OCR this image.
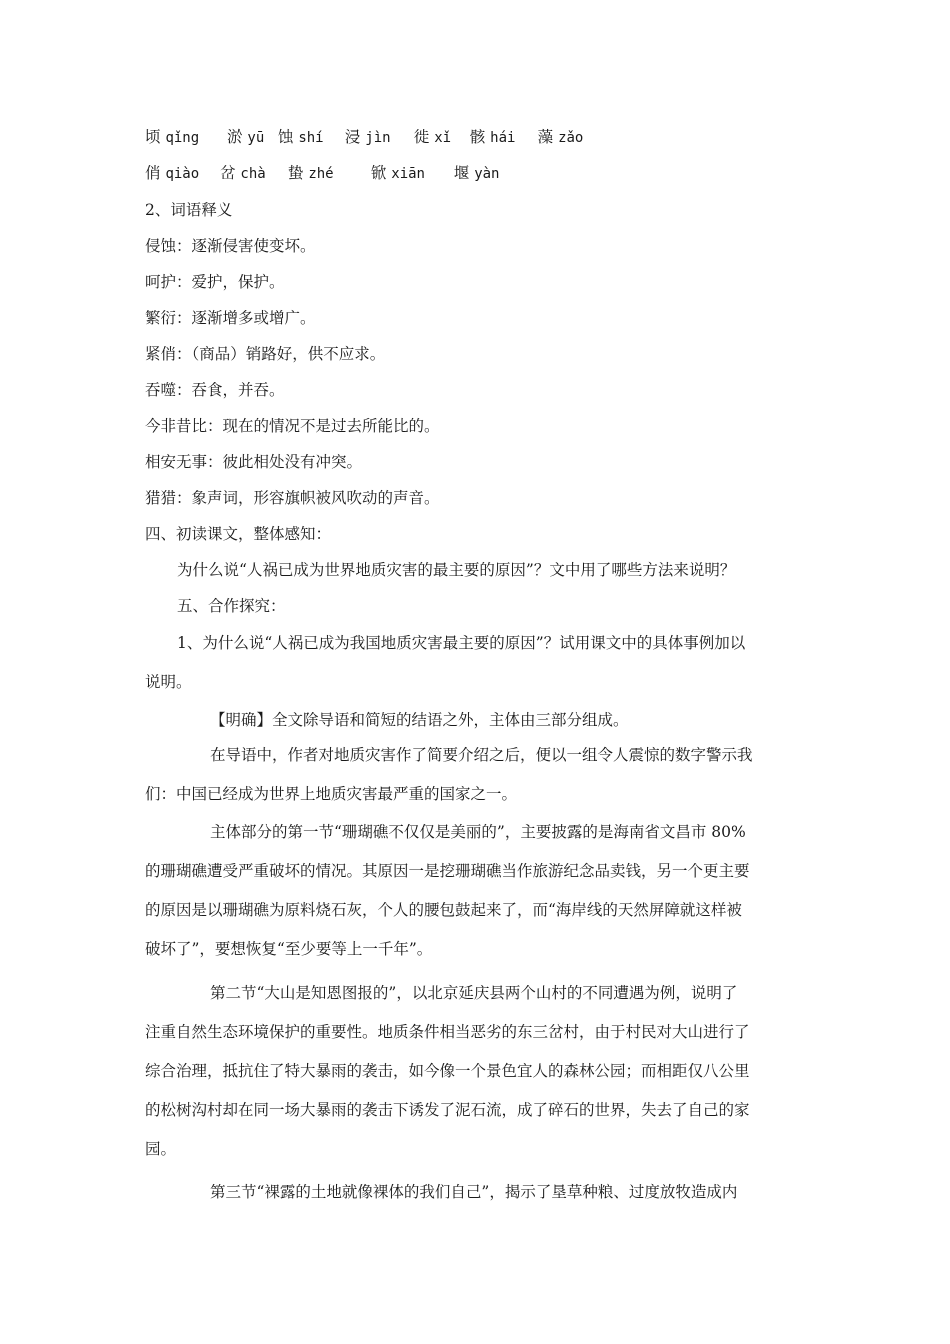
顷 qǐng 淤 yū 蚀 shí 浸 jìn 徙 xǐ 骸 hái 藻 zǎo
俏 qiào 岔 chà 蛰 zhé 锨 xiān 堰 yàn
2、词语释义
侵蚀：逐渐侵害使变坏。
呵护：爱护，保护。
繁衍：逐渐增多或增广。
紧俏：（商品）销路好，供不应求。
吞噬：吞食，并吞。
今非昔比：现在的情况不是过去所能比的。
相安无事：彼此相处没有冲突。
猎猎：象声词，形容旗帜被风吹动的声音。
四、初读课文，整体感知：
为什么说“人祸已成为世界地质灾害的最主要的原因”？文中用了哪些方法来说明？
五、合作探究：
1、为什么说“人祸已成为我国地质灾害最主要的原因”？试用课文中的具体事例加以
说明。
【明确】全文除导语和简短的结语之外，主体由三部分组成。
在导语中，作者对地质灾害作了简要介绍之后，便以一组令人震惊的数字警示我
们：中国已经成为世界上地质灾害最严重的国家之一。
主体部分的第一节“珊瑚礁不仅仅是美丽的”，主要披露的是海南省文昌市 80%
的珊瑚礁遭受严重破坏的情况。其原因一是挖珊瑚礁当作旅游纪念品卖钱，另一个更主要
的原因是以珊瑚礁为原料烧石灰，个人的腰包鼓起来了，而“海岸线的天然屏障就这样被
破坏了”，要想恢复“至少要等上一千年”。
第二节“大山是知恩图报的”，以北京延庆县两个山村的不同遭遇为例，说明了
注重自然生态环境保护的重要性。地质条件相当恶劣的东三岔村，由于村民对大山进行了
综合治理，抵抗住了特大暴雨的袭击，如今像一个景色宜人的森林公园；而相距仅八公里
的松树沟村却在同一场大暴雨的袭击下诱发了泥石流，成了碎石的世界，失去了自己的家
园。
第三节“裸露的土地就像裸体的我们自己”，揭示了垦草种粮、过度放牧造成内
